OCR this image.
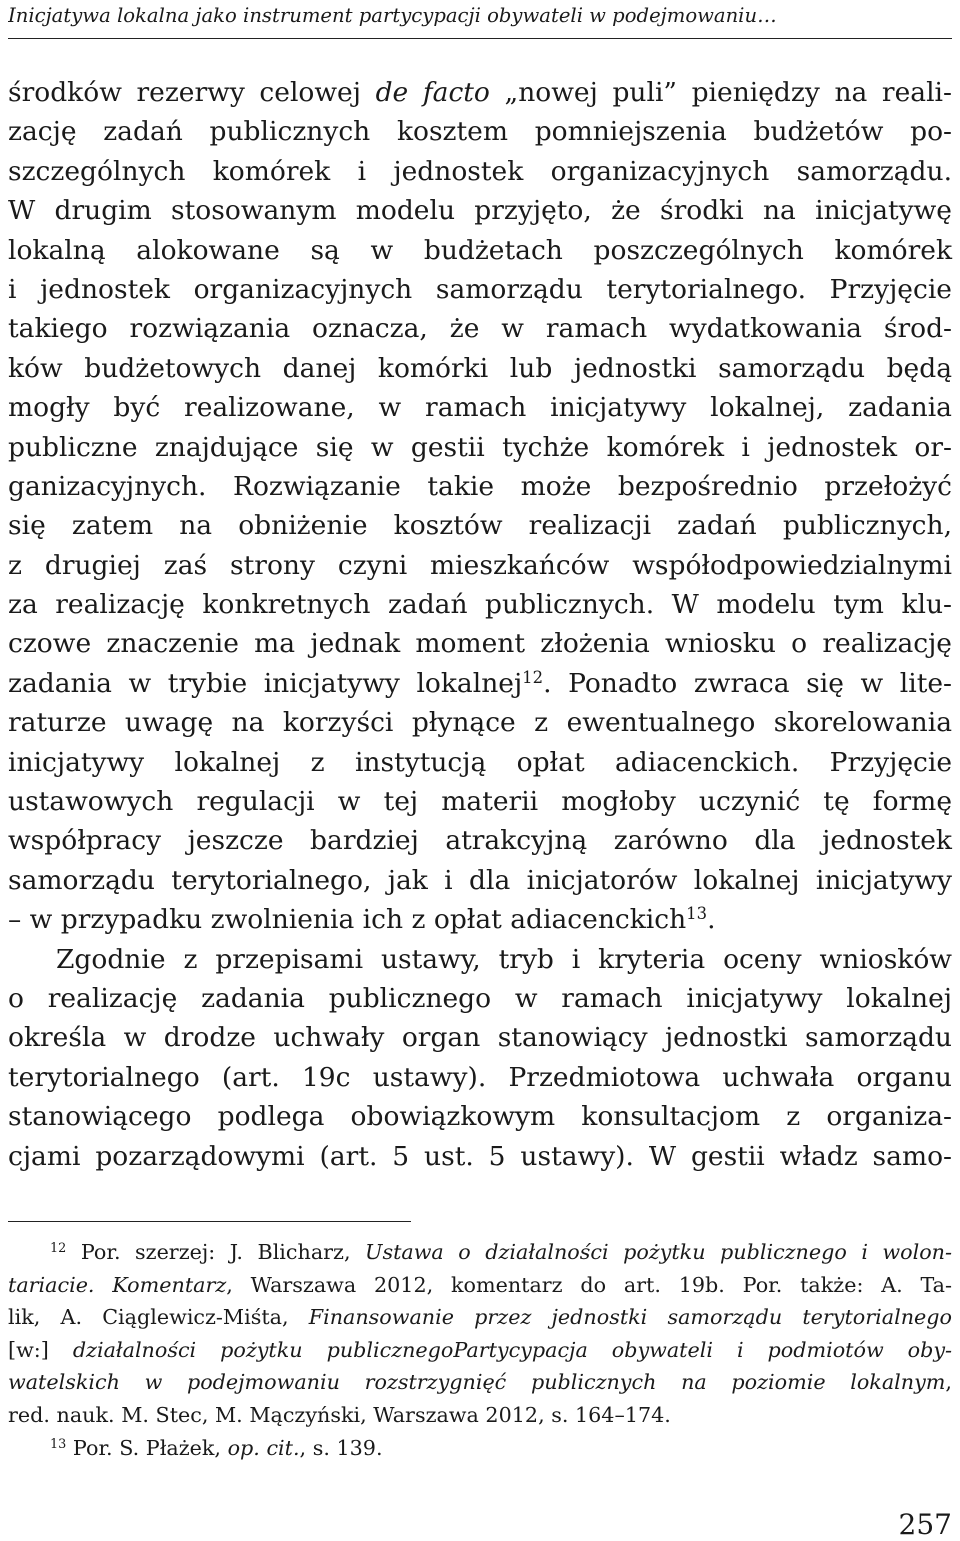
Inicjatywa lokalna jako instrument partycypacji obywateli w podejmowaniu…
środków rezerwy celowej de facto „nowej puli” pieniędzy na reali-
zację zadań publicznych kosztem pomniejszenia budżetów po-
szczególnych komórek i jednostek organizacyjnych samorządu.
W drugim stosowanym modelu przyjęto, że środki na inicjatywę
lokalną alokowane są w budżetach poszczególnych komórek
i jednostek organizacyjnych samorządu terytorialnego. Przyjęcie
takiego rozwiązania oznacza, że w ramach wydatkowania środ-
ków budżetowych danej komórki lub jednostki samorządu będą
mogły być realizowane, w ramach inicjatywy lokalnej, zadania
publiczne znajdujące się w gestii tychże komórek i jednostek or-
ganizacyjnych. Rozwiązanie takie może bezpośrednio przełożyć
się zatem na obniżenie kosztów realizacji zadań publicznych,
z drugiej zaś strony czyni mieszkańców współodpowiedzialnymi
za realizację konkretnych zadań publicznych. W modelu tym klu-
czowe znaczenie ma jednak moment złożenia wniosku o realizację
zadania w trybie inicjatywy lokalnej$^{12}$. Ponadto zwraca się w lite-
raturze uwagę na korzyści płynące z ewentualnego skorelowania
inicjatywy lokalnej z instytucją opłat adiacenckich. Przyjęcie
ustawowych regulacji w tej materii mogłoby uczynić tę formę
współpracy jeszcze bardziej atrakcyjną zarówno dla jednostek
samorządu terytorialnego, jak i dla inicjatorów lokalnej inicjatywy
– w przypadku zwolnienia ich z opłat adiacenckich$^{13}$.
Zgodnie z przepisami ustawy, tryb i kryteria oceny wniosków
o realizację zadania publicznego w ramach inicjatywy lokalnej
określa w drodze uchwały organ stanowiący jednostki samorządu
terytorialnego (art. 19c ustawy). Przedmiotowa uchwała organu
stanowiącego podlega obowiązkowym konsultacjom z organiza-
cjami pozarządowymi (art. 5 ust. 5 ustawy). W gestii władz samo-
$^{12}$ Por. szerzej: J. Blicharz, Ustawa o działalności pożytku publicznego i wolon-
tariacie. Komentarz, Warszawa 2012, komentarz do art. 19b. Por. także: A. Ta-
lik, A. Ciąglewicz-Miśta, Finansowanie przez jednostki samorządu terytorialnego
[w:] działalności pożytku publicznegoPartycypacja obywateli i podmiotów oby-
watelskich w podejmowaniu rozstrzygnięć publicznych na poziomie lokalnym,
red. nauk. M. Stec, M. Mączyński, Warszawa 2012, s. 164–174.
$^{13}$ Por. S. Płażek, op. cit., s. 139.
257
